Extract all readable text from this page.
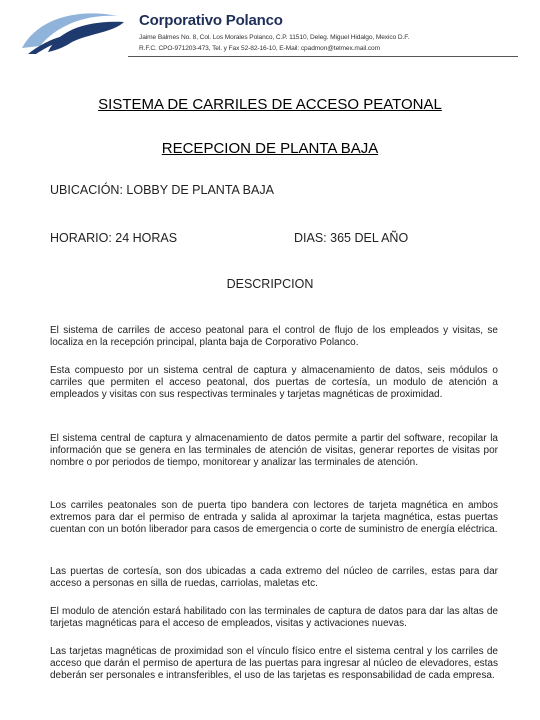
Corporativo Polanco
Jaime Balmes No. 8, Col. Los Morales Polanco, C.P. 11510, Deleg. Miguel Hidalgo, Mexico D.F.
R.F.C. CPO-971203-473, Tel. y Fax 52-82-16-10, E-Mail: cpadmon@telmex.mail.com
SISTEMA DE CARRILES DE ACCESO PEATONAL
RECEPCION DE PLANTA BAJA
UBICACIÓN: LOBBY DE PLANTA BAJA
HORARIO: 24 HORAS	DIAS: 365 DEL AÑO
DESCRIPCION
El sistema de carriles de acceso peatonal para el control de flujo de los empleados y visitas, se localiza en la recepción principal, planta baja de Corporativo Polanco.
Esta compuesto por un sistema central de captura y almacenamiento de datos, seis módulos o carriles que permiten el acceso peatonal, dos puertas de cortesía, un modulo de atención a empleados y visitas con sus respectivas terminales y tarjetas magnéticas de proximidad.
El sistema central de captura y almacenamiento de datos permite a partir del software, recopilar la información que se genera en las terminales de atención de visitas, generar reportes de visitas por nombre o por periodos de tiempo, monitorear y analizar las terminales de atención.
Los carriles peatonales son de puerta tipo bandera con lectores de tarjeta magnética en ambos extremos para dar el permiso de entrada y salida al aproximar la tarjeta magnética, estas puertas cuentan con un botón liberador para casos de emergencia o corte de suministro de energía eléctrica.
Las puertas de cortesía, son dos ubicadas a cada extremo del núcleo de carriles, estas para dar acceso a personas en silla de ruedas, carriolas, maletas etc.
El modulo de atención estará habilitado con las terminales de captura de datos para dar las altas de tarjetas magnéticas para el acceso de empleados, visitas y activaciones nuevas.
Las tarjetas magnéticas de proximidad son el vínculo físico entre el sistema central y los carriles de acceso que darán el permiso de apertura de las puertas para ingresar al núcleo de elevadores, estas deberán ser personales e intransferibles, el uso de las tarjetas es responsabilidad de cada empresa.
